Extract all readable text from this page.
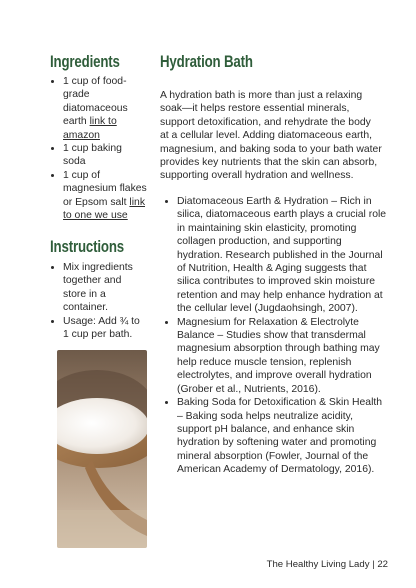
Ingredients
• 1 cup of food-grade diatomaceous earth link to amazon
• 1 cup baking soda
• 1 cup of magnesium flakes or Epsom salt link to one we use
Instructions
• Mix ingredients together and store in a container.
• Usage: Add ¾ to 1 cup per bath.
Hydration Bath

A hydration bath is more than just a relaxing soak—it helps restore essential minerals, support detoxification, and rehydrate the body at a cellular level. Adding diatomaceous earth, magnesium, and baking soda to your bath water provides key nutrients that the skin can absorb, supporting overall hydration and wellness.

• Diatomaceous Earth & Hydration – Rich in silica, diatomaceous earth plays a crucial role in maintaining skin elasticity, promoting collagen production, and supporting hydration. Research published in the Journal of Nutrition, Health & Aging suggests that silica contributes to improved skin moisture retention and may help enhance hydration at the cellular level (Jugdaohsingh, 2007).
• Magnesium for Relaxation & Electrolyte Balance – Studies show that transdermal magnesium absorption through bathing may help reduce muscle tension, replenish electrolytes, and improve overall hydration (Grober et al., Nutrients, 2016).
• Baking Soda for Detoxification & Skin Health – Baking soda helps neutralize acidity, support pH balance, and enhance skin hydration by softening water and promoting mineral absorption (Fowler, Journal of the American Academy of Dermatology, 2016).
The Healthy Living Lady | 22
